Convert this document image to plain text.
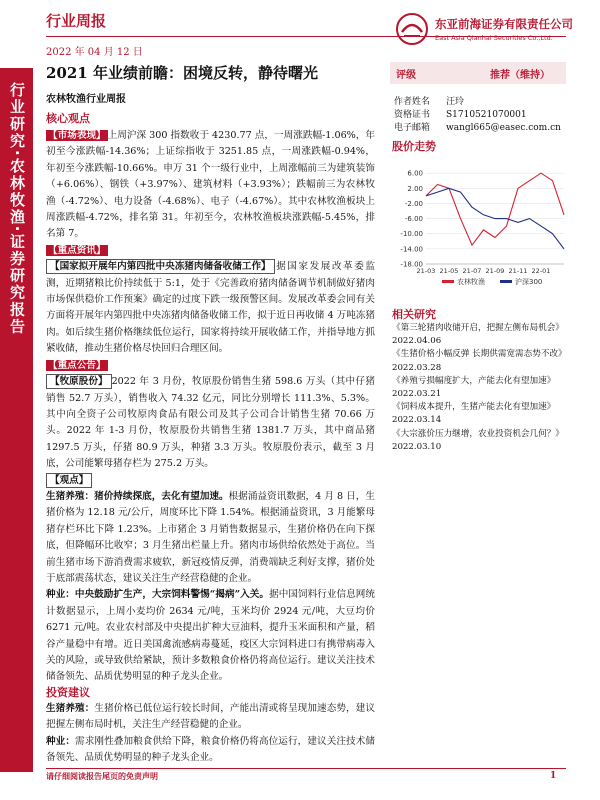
行业研究·农林牧渔·证券研究报告
行业周报	东亚前海证券有限责任公司
East Asia Qianhai Securities Co.,Ltd.
2022 年 04 月 12 日
2021 年业绩前瞻：困境反转，静待曙光
农林牧渔行业周报
核心观点

【市场表现】 上周沪深 300 指数收于 4230.77 点，一周涨跌幅-1.06%，年初至今涨跌幅-14.36%；上证综指收于 3251.85 点，一周涨跌幅-0.94%，年初至今涨跌幅-10.66%。申万 31 个一级行业中，上周涨幅前三为建筑装饰（+6.06%）、钢铁（+3.97%）、建筑材料（+3.93%）；跌幅前三为农林牧渔（-4.72%）、电力设备（-4.68%）、电子（-4.67%）。其中农林牧渔板块上周涨跌幅-4.72%，排名第 31。年初至今，农林牧渔板块涨跌幅-5.45%，排名第 7。

【重点资讯】

【国家拟开展年内第四批中央冻猪肉储备收储工作】 据国家发展改革委监测，近期猪粮比价持续低于 5:1，处于《完善政府猪肉储备调节机制做好猪肉市场保供稳价工作预案》确定的过度下跌一级预警区间。发展改革委会同有关方面将开展年内第四批中央冻猪肉储备收储工作，拟于近日再收储 4 万吨冻猪肉。如后续生猪价格继续低位运行，国家将持续开展收储工作，并指导地方抓紧收储，推动生猪价格尽快回归合理区间。

【重点公告】

【牧原股份】 2022 年 3 月份，牧原股份销售生猪 598.6 万头（其中仔猪销售 52.7 万头），销售收入 74.32 亿元，同比分别增长 111.3%、5.3%。其中向全资子公司牧原肉食品有限公司及其子公司合计销售生猪 70.66 万头。2022 年 1-3 月份，牧原股份共销售生猪 1381.7 万头，其中商品猪 1297.5 万头，仔猪 80.9 万头，种猪 3.3 万头。牧原股份表示，截至 3 月底，公司能繁母猪存栏为 275.2 万头。

【观点】

生猪养殖：猪价持续探底，去化有望加速。根据涌益资讯数据，4 月 8 日，生猪价格为 12.18 元/公斤，周度环比下降 1.54%。根据涌益资讯，3 月能繁母猪存栏环比下降 1.23%。上市猪企 3 月销售数据显示，生猪价格仍在向下探底，但降幅环比收窄；3 月生猪出栏量上升。猪肉市场供给依然处于高位。当前生猪市场下游消费需求疲软，新冠疫情反弹，消费端缺乏利好支撑，猪价处于底部震荡状态，建议关注生产经营稳健的企业。

种业：中央鼓励扩生产，大宗饲料警惕“揭病”入关。据中国饲料行业信息网统计数据显示，上周小麦均价 2634 元/吨，玉米均价 2924 元/吨，大豆均价 6271 元/吨。农业农村部及中央提出扩种大豆油料，提升玉米面积和产量，稻谷产量稳中有增。近日美国禽流感病毒蔓延，疫区大宗饲料进口有携带病毒入关的风险，或导致供给紧缺，预计多数粮食价格仍将高位运行。建议关注技术储备领先、品质优势明显的种子龙头企业。

投资建议

生猪养殖：生猪价格已低位运行较长时间，产能出清或将呈现加速态势，建议把握左侧布局时机，关注生产经营稳健的企业。

种业：需求刚性叠加粮食供给下降，粮食价格仍将高位运行，建议关注技术储备领先、品质优势明显的种子龙头企业。

评级	推荐（维持）
作者姓名	汪玲
资格证书	S1710521070001
电子邮箱	wangl665@easec.com.cn
股价走势
6.00
2.00
-2.00
-6.00
-10.00
-14.00
-18.00
21-03 21-05 21-07 21-09 21-11 22-01
农林牧渔	沪深300
相关研究
《第三轮猪肉收储开启，把握左侧布局机会》2022.04.06
《生猪价格小幅反弹 长期供需宽需态势不改》2022.03.28
《养殖亏损幅度扩大，产能去化有望加速》2022.03.21
《饲料成本提升，生猪产能去化有望加速》2022.03.14
《大宗涨价压力继增，农业投资机会几何？》2022.03.10
请仔细阅读报告尾页的免责声明	1
